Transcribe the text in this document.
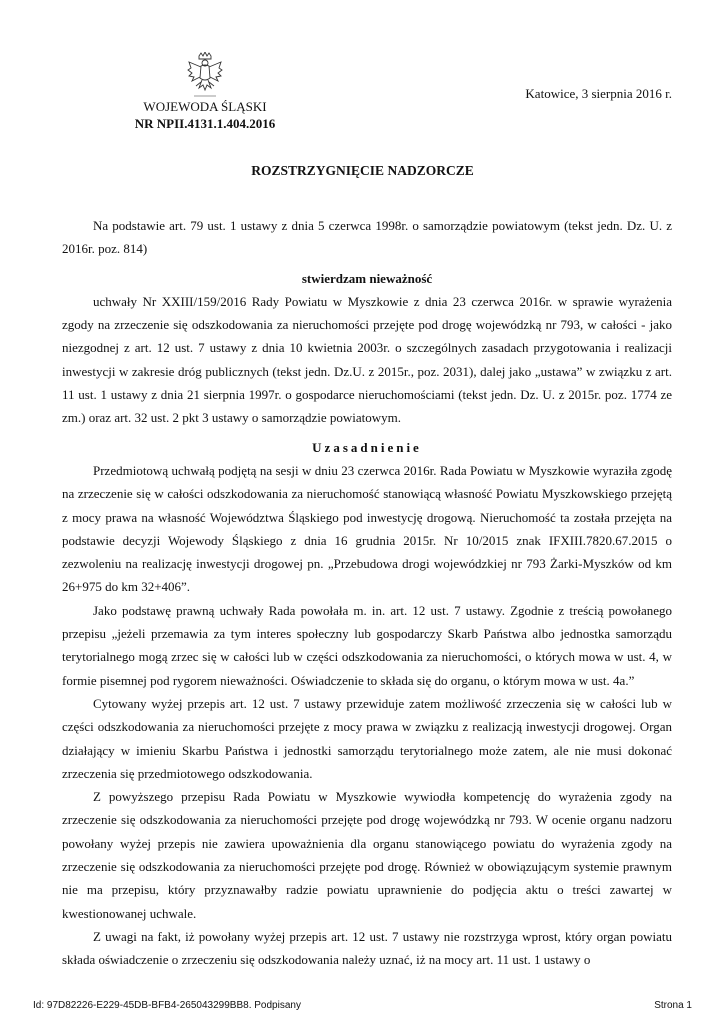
WOJEWODA ŚLĄSKI
NR NPII.4131.1.404.2016
Katowice, 3 sierpnia 2016 r.
ROZSTRZYGNIĘCIE NADZORCZE

Na podstawie art. 79 ust. 1 ustawy z dnia 5 czerwca 1998r. o samorządzie powiatowym (tekst jedn. Dz. U. z 2016r. poz. 814)

stwierdzam nieważność

uchwały Nr XXIII/159/2016 Rady Powiatu w Myszkowie z dnia 23 czerwca 2016r. w sprawie wyrażenia zgody na zrzeczenie się odszkodowania za nieruchomości przejęte pod drogę wojewódzką nr 793, w całości - jako niezgodnej z art. 12 ust. 7 ustawy z dnia 10 kwietnia 2003r. o szczególnych zasadach przygotowania i realizacji inwestycji w zakresie dróg publicznych (tekst jedn. Dz.U. z 2015r., poz. 2031), dalej jako „ustawa” w związku z art. 11 ust. 1 ustawy z dnia 21 sierpnia 1997r. o gospodarce nieruchomościami (tekst jedn. Dz. U. z 2015r. poz. 1774 ze zm.) oraz art. 32 ust. 2 pkt 3 ustawy o samorządzie powiatowym.

Uzasadnienie

Przedmiotową uchwałą podjętą na sesji w dniu 23 czerwca 2016r. Rada Powiatu w Myszkowie wyraziła zgodę na zrzeczenie się w całości odszkodowania za nieruchomość stanowiącą własność Powiatu Myszkowskiego przejętą z mocy prawa na własność Województwa Śląskiego pod inwestycję drogową. Nieruchomość ta została przejęta na podstawie decyzji Wojewody Śląskiego z dnia 16 grudnia 2015r. Nr 10/2015 znak IFXIII.7820.67.2015 o zezwoleniu na realizację inwestycji drogowej pn. „Przebudowa drogi wojewódzkiej nr 793 Żarki-Myszków od km 26+975 do km 32+406”.

Jako podstawę prawną uchwały Rada powołała m. in. art. 12 ust. 7 ustawy. Zgodnie z treścią powołanego przepisu „jeżeli przemawia za tym interes społeczny lub gospodarczy Skarb Państwa albo jednostka samorządu terytorialnego mogą zrzec się w całości lub w części odszkodowania za nieruchomości, o których mowa w ust. 4, w formie pisemnej pod rygorem nieważności. Oświadczenie to składa się do organu, o którym mowa w ust. 4a.”

Cytowany wyżej przepis art. 12 ust. 7 ustawy przewiduje zatem możliwość zrzeczenia się w całości lub w części odszkodowania za nieruchomości przejęte z mocy prawa w związku z realizacją inwestycji drogowej. Organ działający w imieniu Skarbu Państwa i jednostki samorządu terytorialnego może zatem, ale nie musi dokonać zrzeczenia się przedmiotowego odszkodowania.

Z powyższego przepisu Rada Powiatu w Myszkowie wywiodła kompetencję do wyrażenia zgody na zrzeczenie się odszkodowania za nieruchomości przejęte pod drogę wojewódzką nr 793. W ocenie organu nadzoru powołany wyżej przepis nie zawiera upoważnienia dla organu stanowiącego powiatu do wyrażenia zgody na zrzeczenie się odszkodowania za nieruchomości przejęte pod drogę. Również w obowiązującym systemie prawnym nie ma przepisu, który przyznawałby radzie powiatu uprawnienie do podjęcia aktu o treści zawartej w kwestionowanej uchwale.

Z uwagi na fakt, iż powołany wyżej przepis art. 12 ust. 7 ustawy nie rozstrzyga wprost, który organ powiatu składa oświadczenie o zrzeczeniu się odszkodowania należy uznać, iż na mocy art. 11 ust. 1 ustawy o

Id: 97D82226-E229-45DB-BFB4-265043299BB8. Podpisany	Strona 1
